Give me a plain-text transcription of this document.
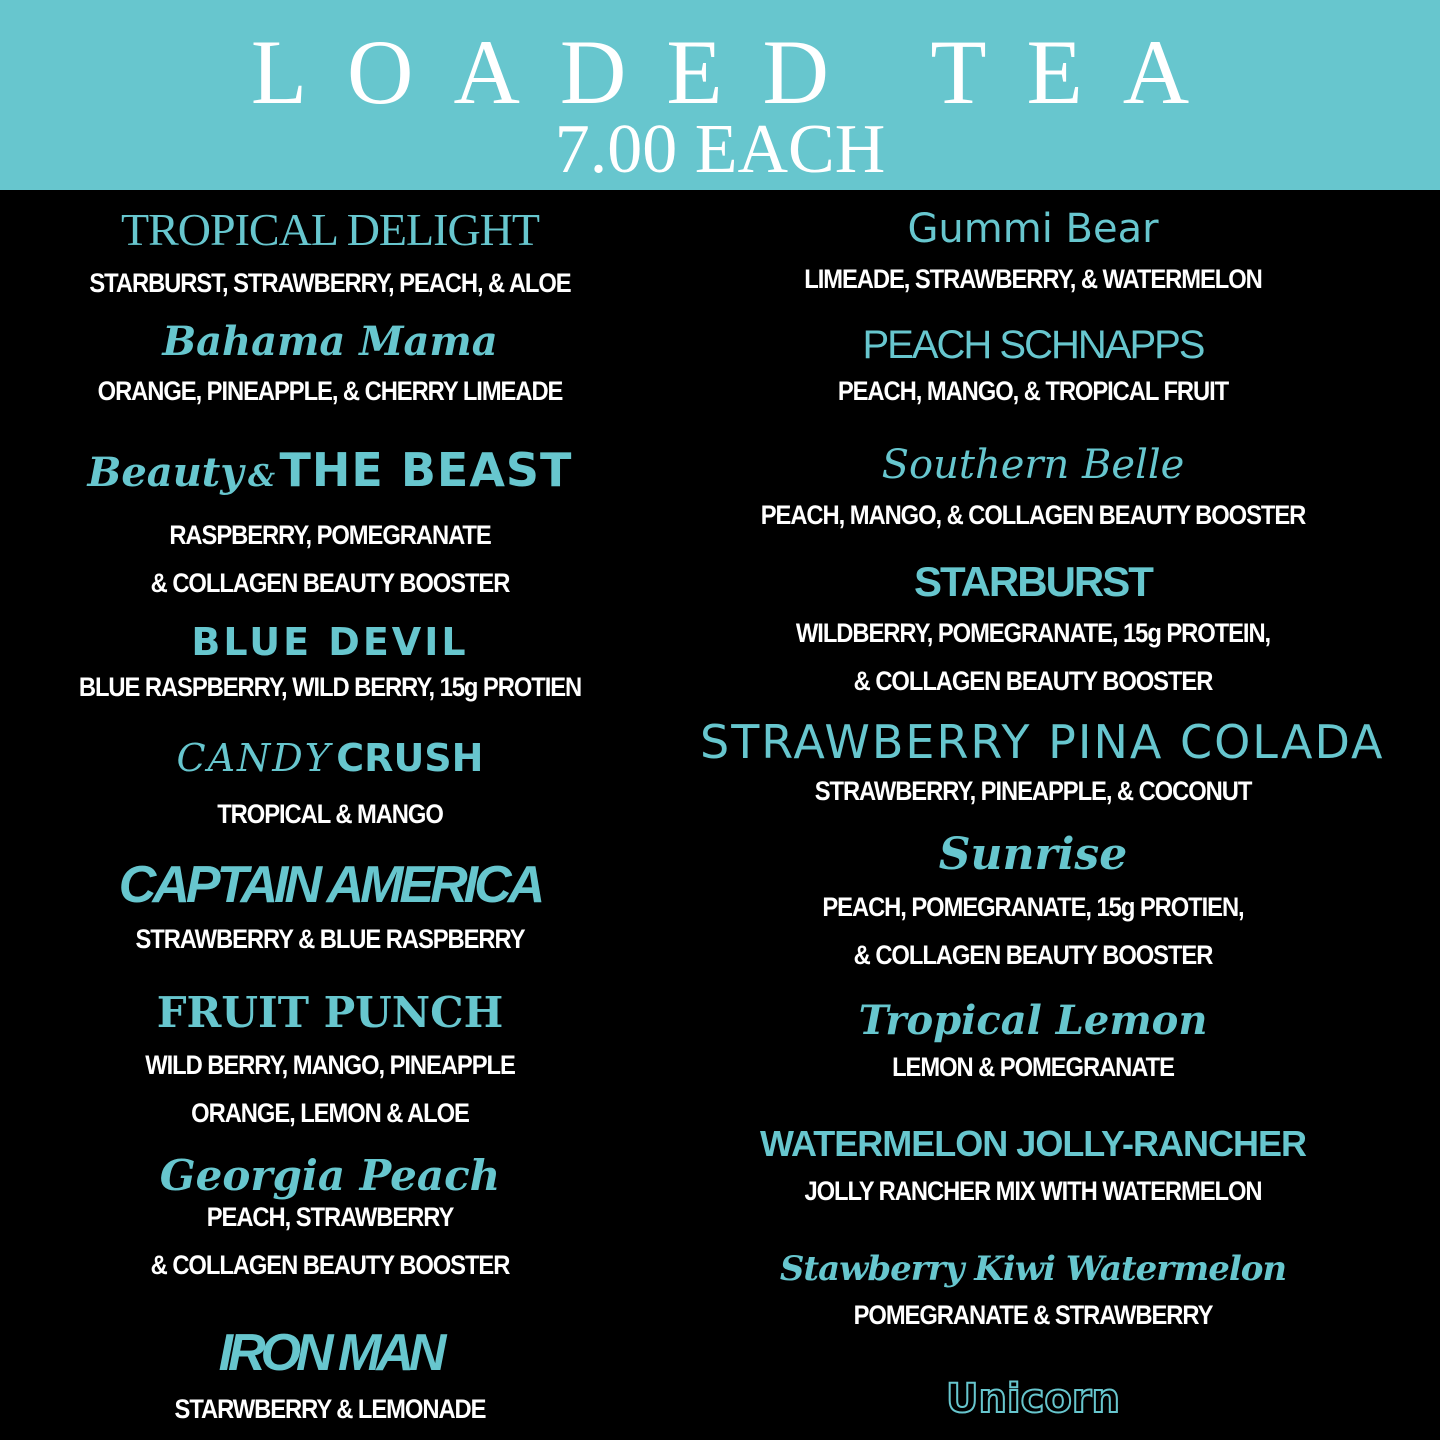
LOADED TEA
7.00 EACH
TROPICAL DELIGHT
STARBURST, STRAWBERRY, PEACH, & ALOE
Bahama Mama
ORANGE, PINEAPPLE, & CHERRY LIMEADE
Beauty & THE BEAST
RASPBERRY, POMEGRANATE
& COLLAGEN BEAUTY BOOSTER
BLUE DEVIL
BLUE RASPBERRY, WILD BERRY, 15g PROTIEN
CANDY CRUSH
TROPICAL & MANGO
CAPTAIN AMERICA
STRAWBERRY & BLUE RASPBERRY
FRUIT PUNCH
WILD BERRY, MANGO, PINEAPPLE
ORANGE, LEMON & ALOE
Georgia Peach
PEACH, STRAWBERRY
& COLLAGEN BEAUTY BOOSTER
IRON MAN
STARWBERRY & LEMONADE
Gummi Bear
LIMEADE, STRAWBERRY, & WATERMELON
PEACH SCHNAPPS
PEACH, MANGO, & TROPICAL FRUIT
Southern Belle
PEACH, MANGO, & COLLAGEN BEAUTY BOOSTER
STARBURST
WILDBERRY, POMEGRANATE, 15g PROTEIN,
& COLLAGEN BEAUTY BOOSTER
STRAWBERRY PINA COLADA
STRAWBERRY, PINEAPPLE, & COCONUT
Sunrise
PEACH, POMEGRANATE, 15g PROTIEN,
& COLLAGEN BEAUTY BOOSTER
Tropical Lemon
LEMON & POMEGRANATE
WATERMELON JOLLY-RANCHER
JOLLY RANCHER MIX WITH WATERMELON
Stawberry Kiwi Watermelon
POMEGRANATE & STRAWBERRY
Unicorn
